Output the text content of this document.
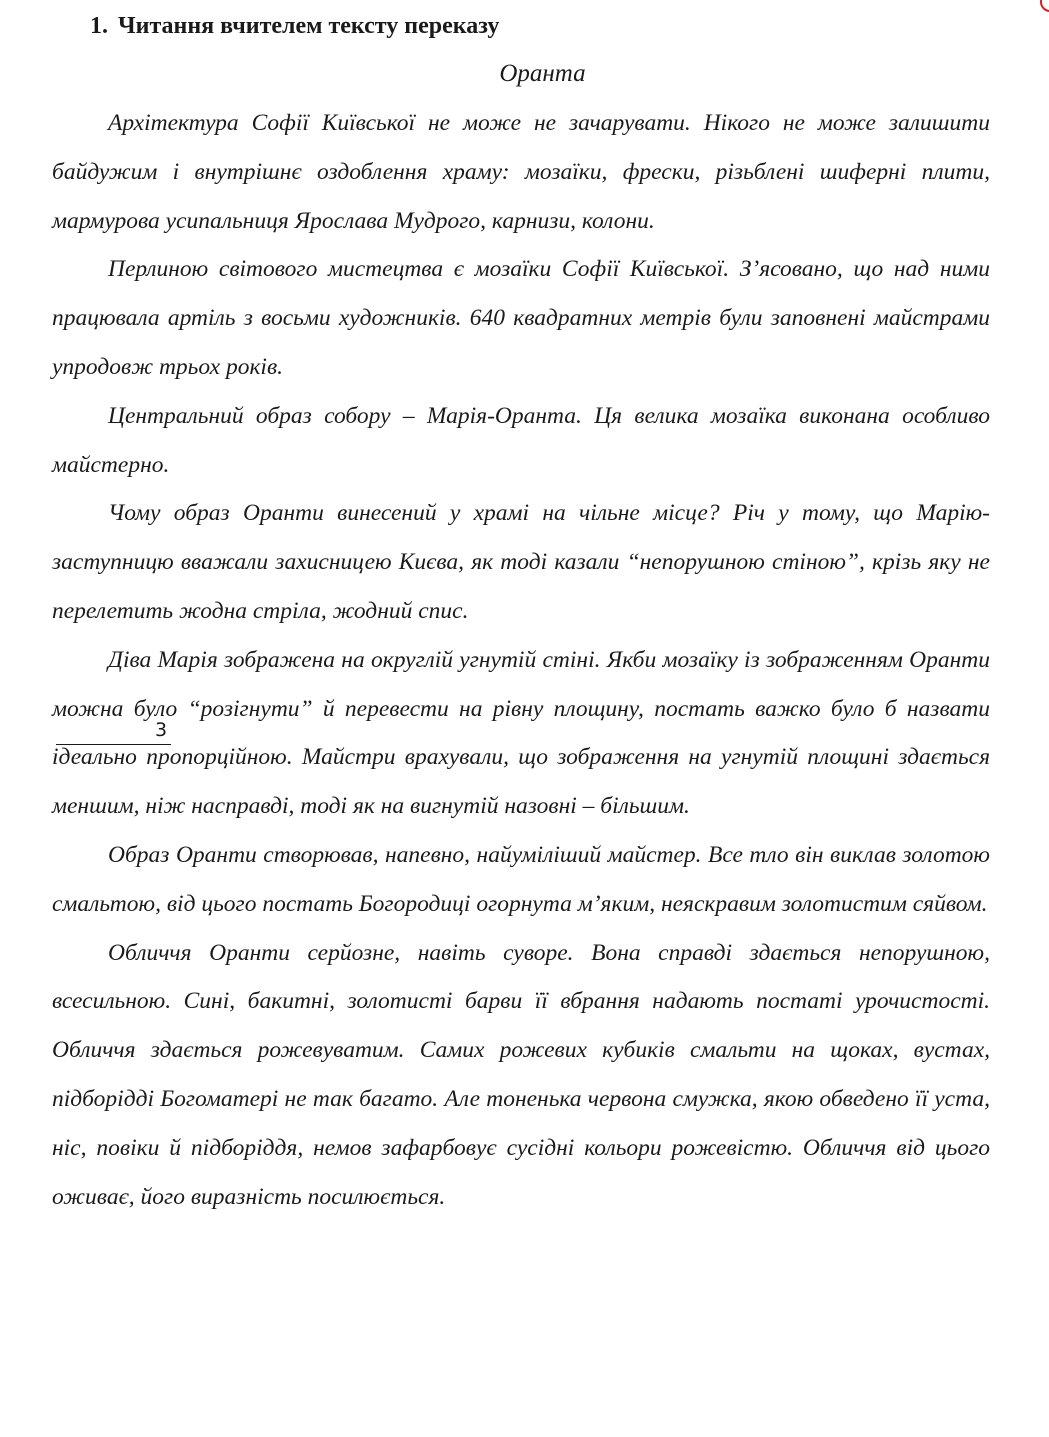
1. Читання вчителем тексту переказу
Оранта

Архітектура Софії Київської не може не зачарувати. Нікого не може залишити байдужим і внутрішнє оздоблення храму: мозаїки, фрески, різьблені шиферні плити, мармурова усипальниця Ярослава Мудрого, карнизи, колони.

Перлиною світового мистецтва є мозаїки Софії Київської. З’ясовано, що над ними працювала артіль з восьми художників. 640 квадратних метрів були заповнені майстрами упродовж трьох років.

Центральний образ собору – Марія-Оранта. Ця велика мозаїка виконана особливо майстерно.

Чому образ Оранти винесений у храмі на чільне місце? Річ у тому, що Марію-заступницю вважали захисницею Києва, як тоді казали “непорушною стіною”, крізь яку не перелетить жодна стріла, жодний спис.

Діва Марія зображена на округлій угнутій стіні. Якби мозаїку із зображенням Оранти можна було “розігнути” й перевести на рівну площину, постать важко було б назвати ідеально пропорційною. Майстри врахували, що зображення на угнутій площині здається меншим, ніж насправді, тоді як на вигнутій назовні – більшим.

Образ Оранти створював, напевно, найуміліший майстер. Все тло він виклав золотою смальтою, від цього постать Богородиці огорнута м’яким, неяскравим золотистим сяйвом.

Обличчя Оранти серйозне, навіть суворе. Вона справді здається непорушною, всесильною. Сині, бакитні, золотисті барви її вбрання надають постаті урочистості. Обличчя здається рожевуватим. Самих рожевих кубиків смальти на щоках, вустах, підборідді Богоматері не так багато. Але тоненька червона смужка, якою обведено її уста, ніс, повіки й підборіддя, немов зафарбовує сусідні кольори рожевістю. Обличчя від цього оживає, його виразність посилюється.

3
